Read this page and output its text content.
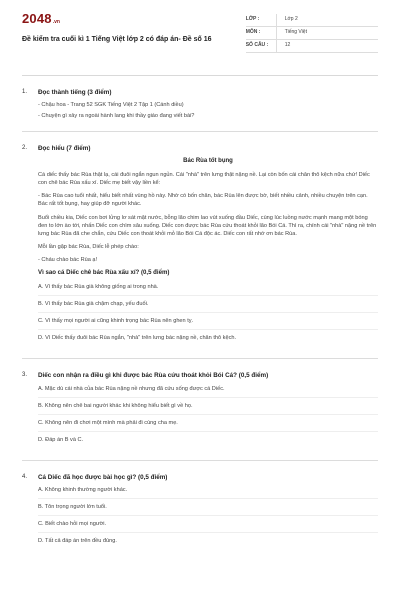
2048 .vn
Đề kiểm tra cuối kì 1 Tiếng Việt lớp 2 có đáp án- Đề số 16
LỚP :	Lớp 2
MÔN :	Tiếng Việt
SỐ CÂU :	12
1.	Đọc thành tiếng (3 điểm)
- Chậu hoa - Trang 52 SGK Tiếng Việt 2 Tập 1 (Cánh diều)
- Chuyện gì xảy ra ngoài hành lang khi thầy giáo đang viết bài?
2.	Đọc hiểu (7 điểm)
Bác Rùa tốt bụng
Cá diếc thấy bác Rùa thật lạ, cái đuôi ngắn ngun ngủn. Cái "nhà" trên lưng thật nặng nề. Lại còn bốn cái chân thô kệch nữa chứ! Diếc con chê bác Rùa xấu xí. Diếc mẹ biết vậy liền kể:
- Bác Rùa cao tuổi nhất, hiểu biết nhất vùng hồ này. Nhờ có bốn chân, bác Rùa lên được bờ, biết nhiều cảnh, nhiều chuyện trên cạn. Bác rất tốt bụng, hay giúp đỡ người khác.
Buổi chiều kia, Diếc con bơi lửng lơ sát mặt nước, bỗng lão chim lao vút xuống đầu Diếc, cùng lúc luồng nước mạnh mang một bóng đen to lớn ào tới, nhấn Diếc con chìm sâu xuống. Diếc con được bác Rùa cứu thoát khỏi lão Bói Cá. Thì ra, chính cái "nhà" nặng nề trên lưng bác Rùa đã che chắn, cứu Diếc con thoát khỏi mỏ lão Bói Cá độc ác. Diếc con rất nhớ ơn bác Rùa.
Mỗi lần gặp bác Rùa, Diếc lễ phép chào:
- Cháu chào bác Rùa ạ!
Vì sao cá Diếc chê bác Rùa xấu xí? (0,5 điểm)
A. Vì thấy bác Rùa già không giống ai trong nhà.
B. Vì thấy bác Rùa già chậm chạp, yếu đuối.
C. Vì thấy mọi người ai cũng khinh trọng bác Rùa nên ghen tỵ.
D. Vì Diếc thấy đuôi bác Rùa ngắn, "nhà" trên lưng bác nặng nề, chân thô kệch.
3.	Diếc con nhận ra điều gì khi được bác Rùa cứu thoát khỏi Bói Cá? (0,5 điểm)
A. Mặc dù cái nhà của bác Rùa nặng nề nhưng đã cứu sống được cá Diếc.
B. Không nên chê bai người khác khi không hiểu biết gì về họ.
C. Không nên đi chơi một mình mà phải đi cùng cha mẹ.
D. Đáp án B và C.
4.	Cá Diếc đã học được bài học gì? (0,5 điểm)
A. Không khinh thường người khác.
B. Tôn trọng người lớn tuổi.
C. Biết chào hỏi mọi người.
D. Tất cả đáp án trên đều đúng.
